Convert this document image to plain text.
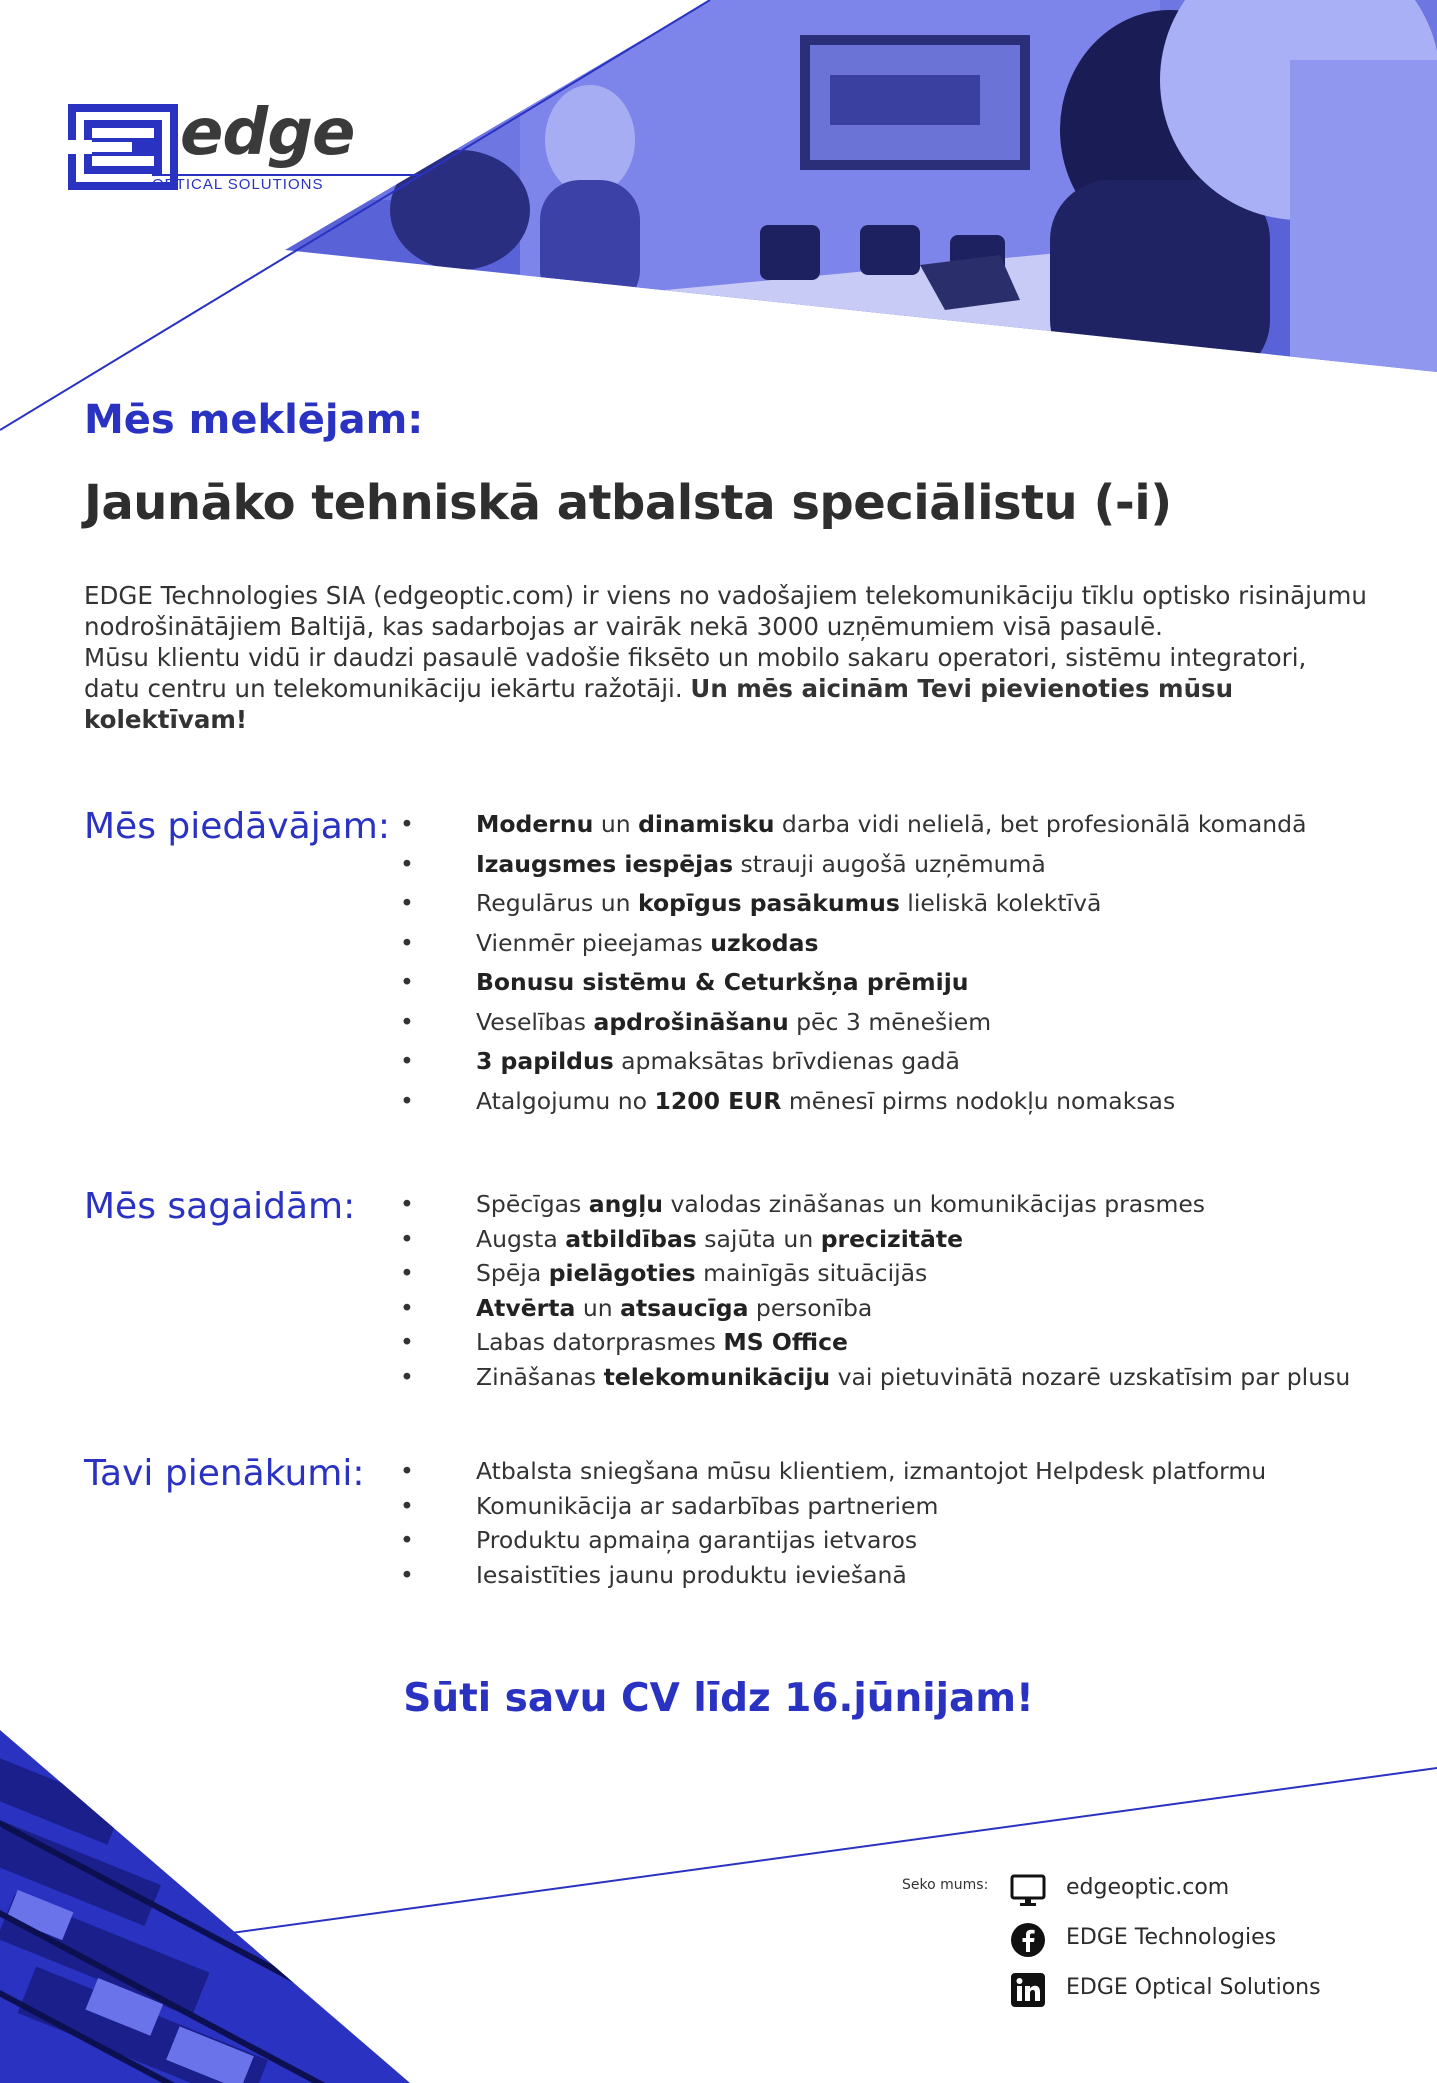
edge
OPTICAL SOLUTIONS
Mēs meklējam:
Jaunāko tehniskā atbalsta speciālistu (-i)

EDGE Technologies SIA (edgeoptic.com) ir viens no vadošajiem telekomunikāciju tīklu optisko risinājumu

nodrošinātājiem Baltijā, kas sadarbojas ar vairāk nekā 3000 uzņēmumiem visā pasaulē.

Mūsu klientu vidū ir daudzi pasaulē vadošie fiksēto un mobilo sakaru operatori, sistēmu integratori,

datu centru un telekomunikāciju iekārtu ražotāji. Un mēs aicinām Tevi pievienoties mūsu kolektīvam!

Mēs piedāvājam:	• Modernu un dinamisku darba vidi nelielā, bet profesionālā komandā
• Izaugsmes iespējas strauji augošā uzņēmumā
• Regulārus un kopīgus pasākumus lieliskā kolektīvā
• Vienmēr pieejamas uzkodas
• Bonusu sistēmu & Ceturkšņa prēmiju
• Veselības apdrošināšanu pēc 3 mēnešiem
• 3 papildus apmaksātas brīvdienas gadā
• Atalgojumu no 1200 EUR mēnesī pirms nodokļu nomaksas
Mēs sagaidām:	• Spēcīgas angļu valodas zināšanas un komunikācijas prasmes
• Augsta atbildības sajūta un precizitāte
• Spēja pielāgoties mainīgās situācijās
• Atvērta un atsaucīga personība
• Labas datorprasmes MS Office
• Zināšanas telekomunikāciju vai pietuvinātā nozarē uzskatīsim par plusu
Tavi pienākumi:	• Atbalsta sniegšana mūsu klientiem, izmantojot Helpdesk platformu
• Komunikācija ar sadarbības partneriem
• Produktu apmaiņa garantijas ietvaros
• Iesaistīties jaunu produktu ieviešanā
Sūti savu CV līdz 16.jūnijam!
Seko mums:	edgeoptic.com
EDGE Technologies
EDGE Optical Solutions
